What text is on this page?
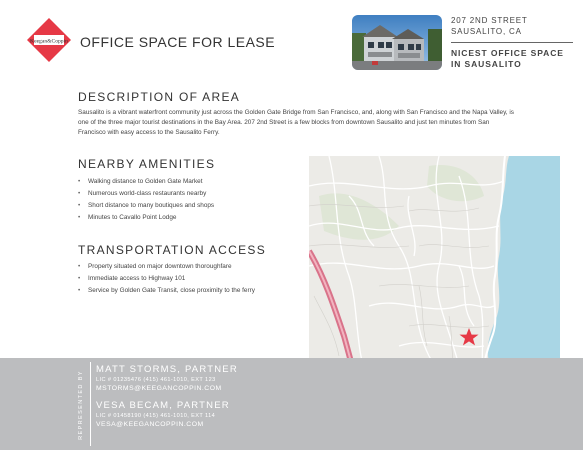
Keegan&Coppin OFFICE SPACE FOR LEASE
207 2ND STREET
SAUSALITO, CA
NICEST OFFICE SPACE
IN SAUSALITO
DESCRIPTION OF AREA

Sausalito is a vibrant waterfront community just across the Golden Gate Bridge from San Francisco, and, along with San Francisco and the Napa Valley, is one of the three major tourist destinations in the Bay Area. 207 2nd Street is a few blocks from downtown Sausalito and just ten minutes from San Francisco with easy access to the Sausalito Ferry.

NEARBY AMENITIES
• Walking distance to Golden Gate Market
• Numerous world-class restaurants nearby
• Short distance to many boutiques and shops
• Minutes to Cavallo Point Lodge
TRANSPORTATION ACCESS
• Property situated on major downtown thoroughfare
• Immediate access to Highway 101
• Service by Golden Gate Transit, close proximity to the ferry
REPRESENTED BY
MATT STORMS, PARTNER
LIC # 01235476 (415) 461-1010, EXT 123
MSTORMS@KEEGANCOPPIN.COM
VESA BECAM, PARTNER
LIC # 01458190 (415) 461-1010, EXT 114
VESA@KEEGANCOPPIN.COM
